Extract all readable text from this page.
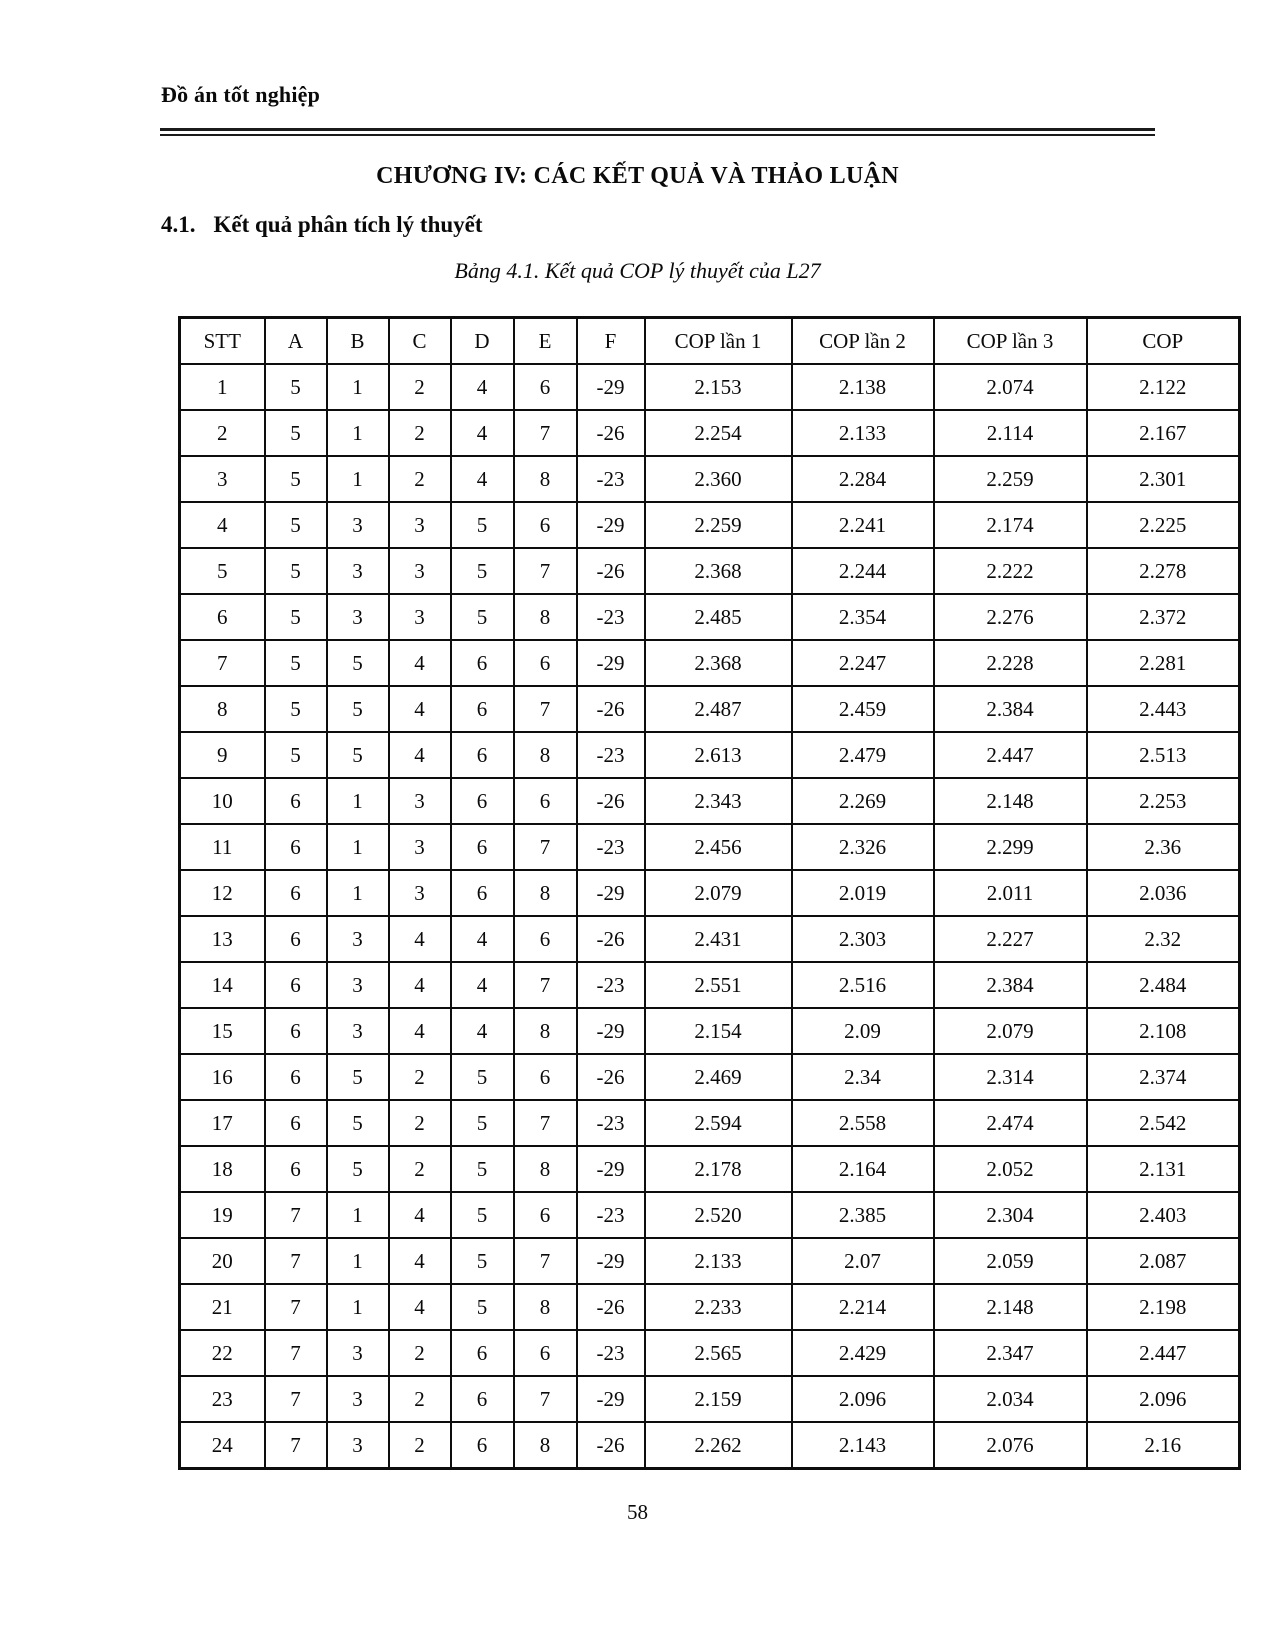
Đồ án tốt nghiệp
CHƯƠNG IV: CÁC KẾT QUẢ VÀ THẢO LUẬN
4.1. Kết quả phân tích lý thuyết
Bảng 4.1. Kết quả COP lý thuyết của L27
STT	A	B	C	D	E	F	COP lần 1	COP lần 2	COP lần 3	COP
1	5	1	2	4	6	-29	2.153	2.138	2.074	2.122
2	5	1	2	4	7	-26	2.254	2.133	2.114	2.167
3	5	1	2	4	8	-23	2.360	2.284	2.259	2.301
4	5	3	3	5	6	-29	2.259	2.241	2.174	2.225
5	5	3	3	5	7	-26	2.368	2.244	2.222	2.278
6	5	3	3	5	8	-23	2.485	2.354	2.276	2.372
7	5	5	4	6	6	-29	2.368	2.247	2.228	2.281
8	5	5	4	6	7	-26	2.487	2.459	2.384	2.443
9	5	5	4	6	8	-23	2.613	2.479	2.447	2.513
10	6	1	3	6	6	-26	2.343	2.269	2.148	2.253
11	6	1	3	6	7	-23	2.456	2.326	2.299	2.36
12	6	1	3	6	8	-29	2.079	2.019	2.011	2.036
13	6	3	4	4	6	-26	2.431	2.303	2.227	2.32
14	6	3	4	4	7	-23	2.551	2.516	2.384	2.484
15	6	3	4	4	8	-29	2.154	2.09	2.079	2.108
16	6	5	2	5	6	-26	2.469	2.34	2.314	2.374
17	6	5	2	5	7	-23	2.594	2.558	2.474	2.542
18	6	5	2	5	8	-29	2.178	2.164	2.052	2.131
19	7	1	4	5	6	-23	2.520	2.385	2.304	2.403
20	7	1	4	5	7	-29	2.133	2.07	2.059	2.087
21	7	1	4	5	8	-26	2.233	2.214	2.148	2.198
22	7	3	2	6	6	-23	2.565	2.429	2.347	2.447
23	7	3	2	6	7	-29	2.159	2.096	2.034	2.096
24	7	3	2	6	8	-26	2.262	2.143	2.076	2.16
58
